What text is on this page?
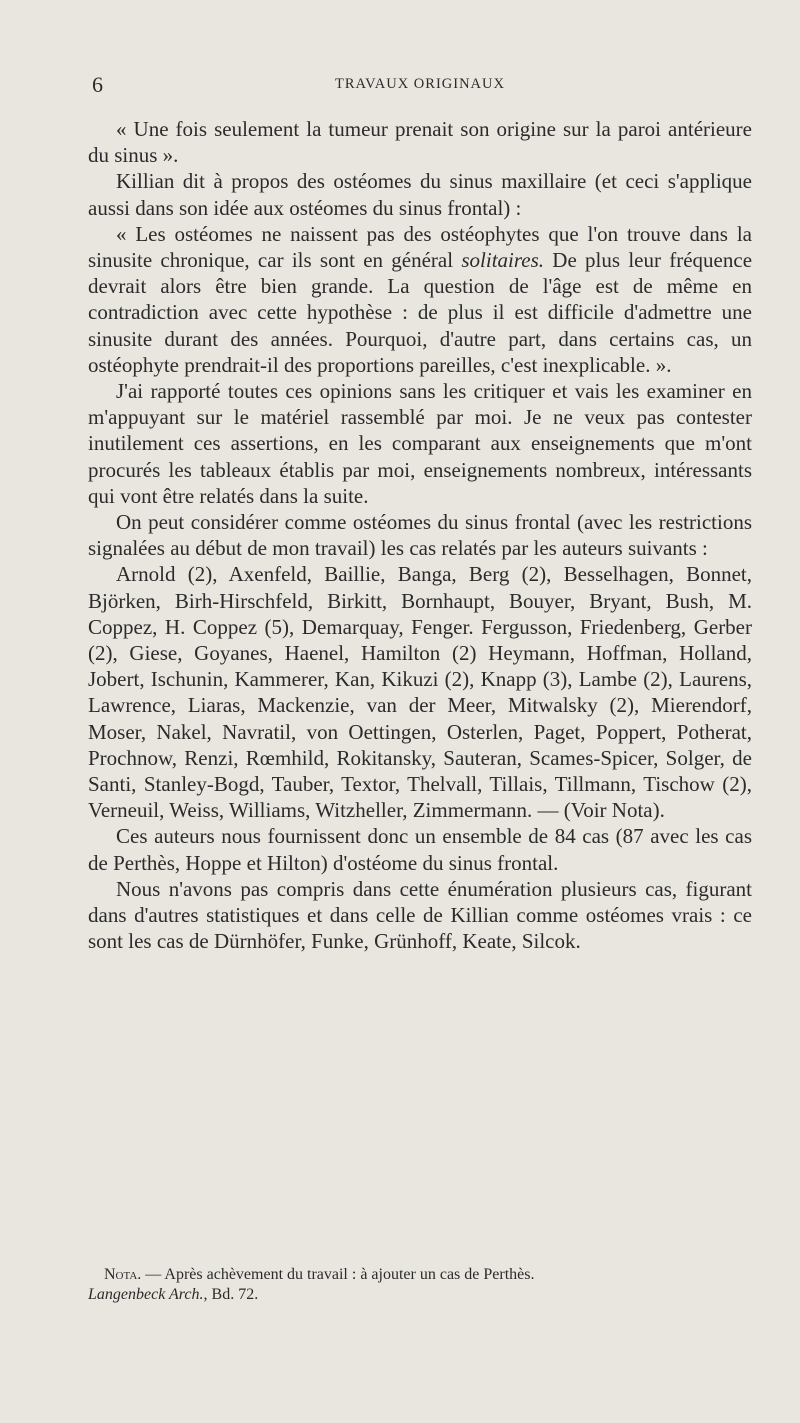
6	TRAVAUX ORIGINAUX

« Une fois seulement la tumeur prenait son origine sur la paroi antérieure du sinus ».

Killian dit à propos des ostéomes du sinus maxillaire (et ceci s'applique aussi dans son idée aux ostéomes du sinus frontal) :

« Les ostéomes ne naissent pas des ostéophytes que l'on trouve dans la sinusite chronique, car ils sont en général solitaires. De plus leur fréquence devrait alors être bien grande. La question de l'âge est de même en contradiction avec cette hypothèse : de plus il est difficile d'admettre une sinusite durant des années. Pourquoi, d'autre part, dans certains cas, un ostéophyte prendrait-il des proportions pareilles, c'est inexplicable. ».

J'ai rapporté toutes ces opinions sans les critiquer et vais les examiner en m'appuyant sur le matériel rassemblé par moi. Je ne veux pas contester inutilement ces assertions, en les comparant aux enseignements que m'ont procurés les tableaux établis par moi, enseignements nombreux, intéressants qui vont être relatés dans la suite.

On peut considérer comme ostéomes du sinus frontal (avec les restrictions signalées au début de mon travail) les cas relatés par les auteurs suivants :

Arnold (2), Axenfeld, Baillie, Banga, Berg (2), Besselhagen, Bonnet, Björken, Birh-Hirschfeld, Birkitt, Bornhaupt, Bouyer, Bryant, Bush, M. Coppez, H. Coppez (5), Demarquay, Fenger. Fergusson, Friedenberg, Gerber (2), Giese, Goyanes, Haenel, Hamilton (2) Heymann, Hoffman, Holland, Jobert, Ischunin, Kammerer, Kan, Kikuzi (2), Knapp (3), Lambe (2), Laurens, Lawrence, Liaras, Mackenzie, van der Meer, Mitwalsky (2), Mierendorf, Moser, Nakel, Navratil, von Oettingen, Osterlen, Paget, Poppert, Potherat, Prochnow, Renzi, Rœmhild, Rokitansky, Sauteran, Scames-Spicer, Solger, de Santi, Stanley-Bogd, Tauber, Textor, Thelvall, Tillais, Tillmann, Tischow (2), Verneuil, Weiss, Williams, Witzheller, Zimmermann. — (Voir Nota).

Ces auteurs nous fournissent donc un ensemble de 84 cas (87 avec les cas de Perthès, Hoppe et Hilton) d'ostéome du sinus frontal.

Nous n'avons pas compris dans cette énumération plusieurs cas, figurant dans d'autres statistiques et dans celle de Killian comme ostéomes vrais : ce sont les cas de Dürnhöfer, Funke, Grünhoff, Keate, Silcok.

Nota. — Après achèvement du travail : à ajouter un cas de Perthès.
Langenbeck Arch., Bd. 72.
